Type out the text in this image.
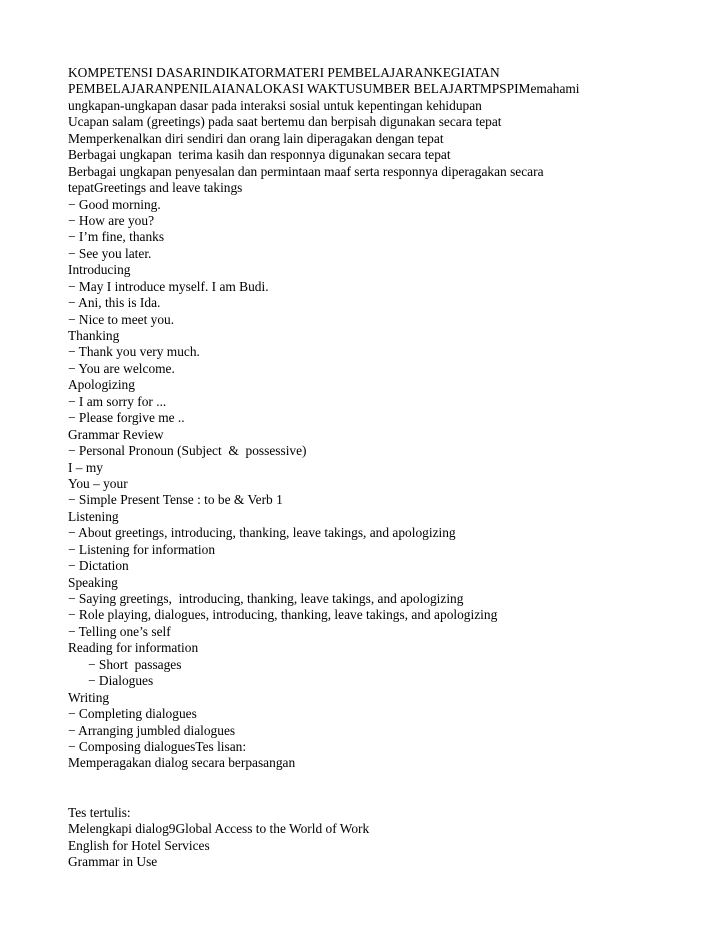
KOMPETENSI DASARINDIKATORMATERI PEMBELAJARANKEGIATAN
PEMBELAJARANPENILAIANALOKASI WAKTUSUMBER BELAJARTMPSPIMemahami
ungkapan-ungkapan dasar pada interaksi sosial untuk kepentingan kehidupan
Ucapan salam (greetings) pada saat bertemu dan berpisah digunakan secara tepat
Memperkenalkan diri sendiri dan orang lain diperagakan dengan tepat
Berbagai ungkapan  terima kasih dan responnya digunakan secara tepat
Berbagai ungkapan penyesalan dan permintaan maaf serta responnya diperagakan secara
tepatGreetings and leave takings
− Good morning.
− How are you?
− I’m fine, thanks
− See you later.
Introducing
− May I introduce myself. I am Budi.
− Ani, this is Ida.
− Nice to meet you.
Thanking
− Thank you very much.
− You are welcome.
Apologizing
− I am sorry for ...
− Please forgive me ..
Grammar Review
− Personal Pronoun (Subject  &  possessive)
I – my
You – your
− Simple Present Tense : to be & Verb 1
Listening
− About greetings, introducing, thanking, leave takings, and apologizing
− Listening for information
− Dictation
Speaking
− Saying greetings,  introducing, thanking, leave takings, and apologizing
− Role playing, dialogues, introducing, thanking, leave takings, and apologizing
− Telling one’s self
Reading for information
− Short  passages
− Dialogues
Writing
− Completing dialogues
− Arranging jumbled dialogues
− Composing dialoguesTes lisan:
Memperagakan dialog secara berpasangan
Tes tertulis:
Melengkapi dialog9Global Access to the World of Work
English for Hotel Services
Grammar in Use
